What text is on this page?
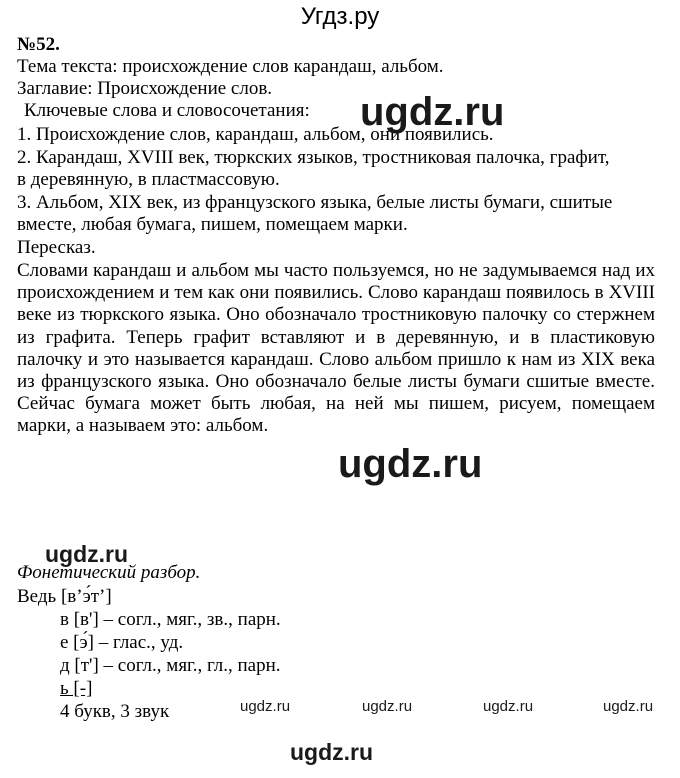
Угдз.ру
№52.
Тема текста: происхождение слов карандаш, альбом.
Заглавие: Происхождение слов.
Ключевые слова и словосочетания:
1. Происхождение слов, карандаш, альбом, они появились.
2. Карандаш, XVIII век, тюркских языков, тростниковая палочка, графит,
в деревянную, в пластмассовую.
3. Альбом, XIX век, из французского языка, белые листы бумаги, сшитые
вместе, любая бумага, пишем, помещаем марки.
Пересказ.
Словами карандаш и альбом мы часто пользуемся, но не задумываемся над их происхождением и тем как они появились. Слово карандаш появилось в XVIII веке из тюркского языка. Оно обозначало тростниковую палочку со стержнем из графита. Теперь графит вставляют и в деревянную, и в пластиковую палочку и это называется карандаш. Слово альбом пришло к нам из XIX века из французского языка. Оно обозначало белые листы бумаги сшитые вместе. Сейчас бумага может быть любая, на ней мы пишем, рисуем, помещаем марки, а называем это: альбом.
Фонетический разбор.
Ведь [в’э́т’]
в [в'] – согл., мяг., зв., парн.
е [э́] – глас., уд.
д [т'] – согл., мяг., гл., парн.
ь [-]
4 букв, 3 звук
ugdz.ru
ugdz.ru
ugdz.ru
ugdz.ru	ugdz.ru	ugdz.ru	ugdz.ru
ugdz.ru
